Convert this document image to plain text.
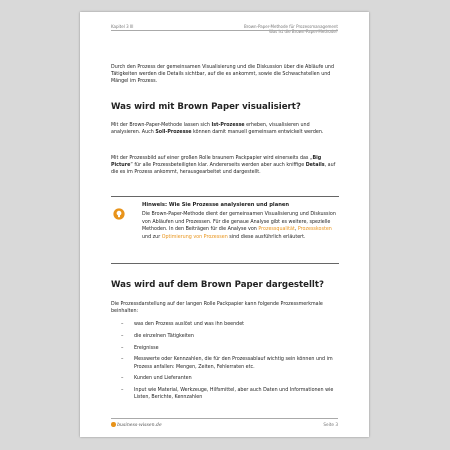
Kapitel 3 III	Brown-Paper-Methode für Prozessmanagement
Was ist die Brown-Paper-Methode?

Durch den Prozess der gemeinsamen Visualisierung und die Diskussion über die Abläufe und Tätigkeiten werden die Details sichtbar, auf die es ankommt, sowie die Schwachstellen und Mängel im Prozess.

Was wird mit Brown Paper visualisiert?

Mit der Brown-Paper-Methode lassen sich Ist-Prozesse erheben, visualisieren und analysieren. Auch Soll-Prozesse können damit manuell gemeinsam entwickelt werden.

Mit der Prozessbild auf einer großen Rolle braunem Packpapier wird einerseits das „Big Picture“ für alle Prozessbeteiligten klar. Andererseits werden aber auch kniffige Details, auf die es im Prozess ankommt, herausgearbeitet und dargestellt.

Hinweis: Wie Sie Prozesse analysieren und planen

Die Brown-Paper-Methode dient der gemeinsamen Visualisierung und Diskussion von Abläufen und Prozessen. Für die genaue Analyse gibt es weitere, spezielle Methoden. In den Beiträgen für die Analyse von Prozessqualität, Prozesskosten und zur Optimierung von Prozessen sind diese ausführlich erläutert.

Was wird auf dem Brown Paper dargestellt?

Die Prozessdarstellung auf der langen Rolle Packpapier kann folgende Prozessmerkmale beinhalten:

– was den Prozess auslöst und was ihn beendet
– die einzelnen Tätigkeiten
– Ereignisse
– Messwerte oder Kennzahlen, die für den Prozessablauf wichtig sein können und im Prozess anfallen: Mengen, Zeiten, Fehlerraten etc.
– Kunden und Lieferanten
– Input wie Material, Werkzeuge, Hilfsmittel, aber auch Daten und Informationen wie Listen, Berichte, Kennzahlen
business-wissen.de	Seite 3
